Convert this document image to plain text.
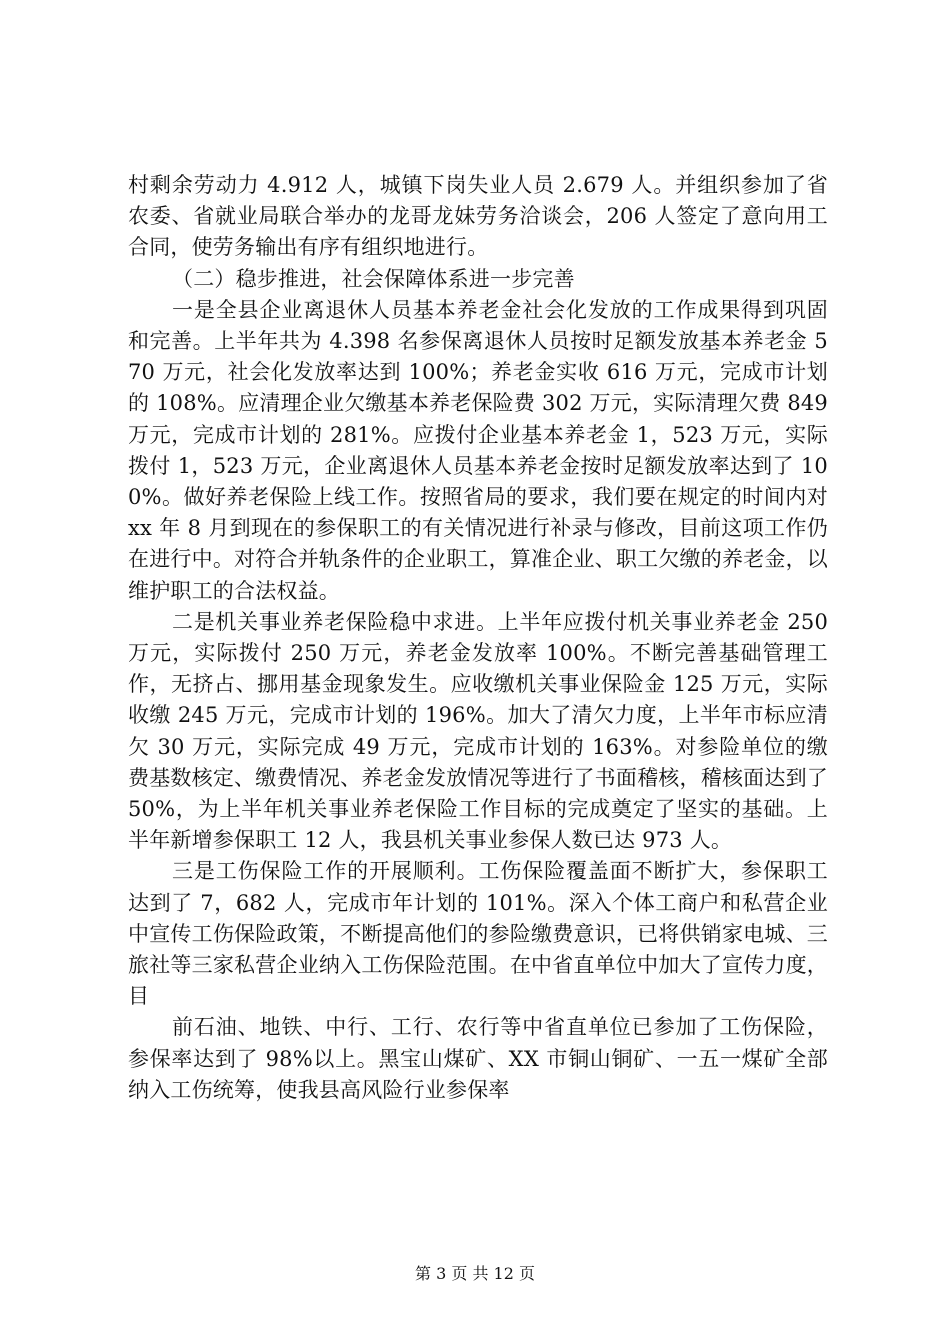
村剩余劳动力 4.912 人，城镇下岗失业人员 2.679 人。并组织参加了省农委、省就业局联合举办的龙哥龙妹劳务洽谈会，206 人签定了意向用工合同，使劳务输出有序有组织地进行。

（二）稳步推进，社会保障体系进一步完善

一是全县企业离退休人员基本养老金社会化发放的工作成果得到巩固和完善。上半年共为 4.398 名参保离退休人员按时足额发放基本养老金 570 万元，社会化发放率达到 100%；养老金实收 616 万元，完成市计划的 108%。应清理企业欠缴基本养老保险费 302 万元，实际清理欠费 849 万元，完成市计划的 281%。应拨付企业基本养老金 1，523 万元，实际拨付 1，523 万元，企业离退休人员基本养老金按时足额发放率达到了 100%。做好养老保险上线工作。按照省局的要求，我们要在规定的时间内对 xx 年 8 月到现在的参保职工的有关情况进行补录与修改，目前这项工作仍在进行中。对符合并轨条件的企业职工，算准企业、职工欠缴的养老金，以维护职工的合法权益。

二是机关事业养老保险稳中求进。上半年应拨付机关事业养老金 250 万元，实际拨付 250 万元，养老金发放率 100%。不断完善基础管理工作，无挤占、挪用基金现象发生。应收缴机关事业保险金 125 万元，实际收缴 245 万元，完成市计划的 196%。加大了清欠力度，上半年市标应清欠 30 万元，实际完成 49 万元，完成市计划的 163%。对参险单位的缴费基数核定、缴费情况、养老金发放情况等进行了书面稽核，稽核面达到了 50%，为上半年机关事业养老保险工作目标的完成奠定了坚实的基础。上半年新增参保职工 12 人，我县机关事业参保人数已达 973 人。

三是工伤保险工作的开展顺利。工伤保险覆盖面不断扩大，参保职工达到了 7，682 人，完成市年计划的 101%。深入个体工商户和私营企业中宣传工伤保险政策，不断提高他们的参险缴费意识，已将供销家电城、三旅社等三家私营企业纳入工伤保险范围。在中省直单位中加大了宣传力度，目

前石油、地铁、中行、工行、农行等中省直单位已参加了工伤保险，参保率达到了 98%以上。黑宝山煤矿、XX 市铜山铜矿、一五一煤矿全部纳入工伤统筹，使我县高风险行业参保率

第 3 页 共 12 页
